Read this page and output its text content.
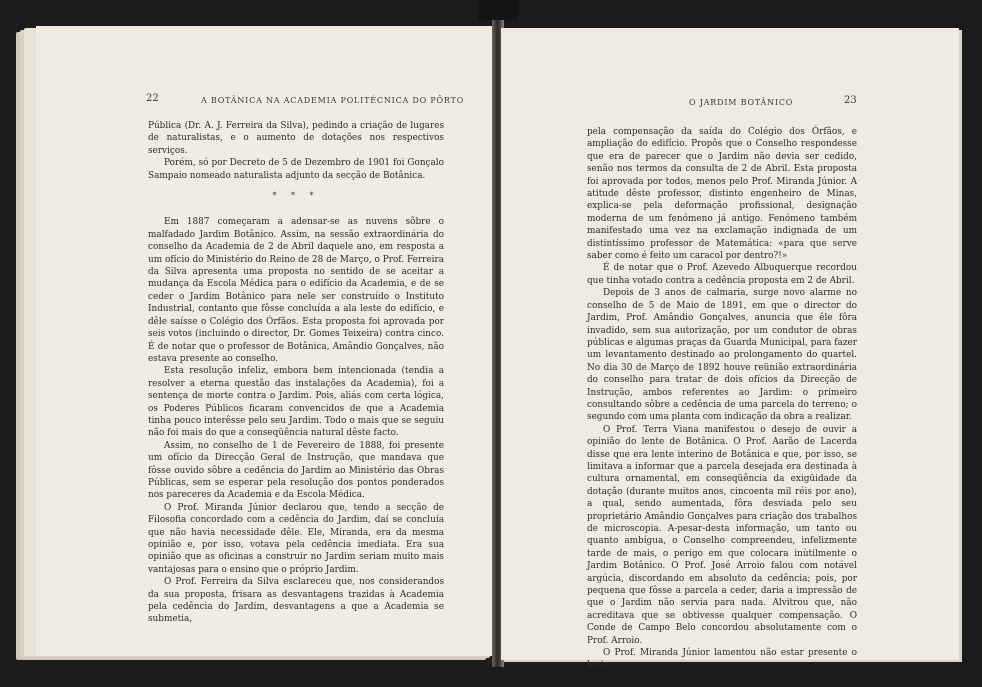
22	A BOTÂNICA NA ACADEMIA POLITÉCNICA DO PÔRTO

Pública (Dr. A. J. Ferreira da Silva), pedindo a criação de lugares de naturalistas, e o aumento de dotações nos respectivos serviços.

Porém, só por Decreto de 5 de Dezembro de 1901 foi Gonçalo Sampaio nomeado naturalista adjunto da secção de Botânica.

* * *

Em 1887 começaram a adensar-se as nuvens sôbre o malfadado Jardim Botânico. Assim, na sessão extraordinária do conselho da Academia de 2 de Abril daquele ano, em resposta a um ofício do Ministério do Reino de 28 de Março, o Prof. Ferreira da Silva apresenta uma proposta no sentido de se aceitar a mudança da Escola Médica para o edifício da Academia, e de se ceder o Jardim Botânico para nele ser construído o Instituto Industrial, contanto que fôsse concluída a ala leste do edifício, e dêle saísse o Colégio dos Órfãos. Esta proposta foi aprovada por seis votos (incluindo o director, Dr. Gomes Teixeira) contra cinco. É de notar que o professor de Botânica, Amândio Gonçalves, não estava presente ao conselho.

Esta resolução infeliz, embora bem intencionada (tendia a resolver a eterna questão das instalações da Academia), foi a sentença de morte contra o Jardim. Pois, aliás com certa lógica, os Poderes Públicos ficaram convencidos de que a Academia tinha pouco interêsse pelo seu Jardim. Todo o mais que se seguiu não foi mais do que a conseqüência natural dêste facto.

Assim, no conselho de 1 de Fevereiro de 1888, foi presente um ofício da Direcção Geral de Instrução, que mandava que fôsse ouvido sôbre a cedência do Jardim ao Ministério das Obras Públicas, sem se esperar pela resolução dos pontos ponderados nos pareceres da Academia e da Escola Médica.

O Prof. Miranda Júnior declarou que, tendo a secção de Filosofia concordado com a cedência do Jardim, daí se concluía que não havia necessidade dêle. Ele, Miranda, era da mesma opinião e, por isso, votava pela cedência imediata. Era sua opinião que as oficinas a construir no Jardim seriam muito mais vantajosas para o ensino que o próprio Jardim.

O Prof. Ferreira da Silva esclareceu que, nos considerandos da sua proposta, frisara as desvantagens trazidas à Academia pela cedência do Jardim, desvantagens a que a Academia se submetia,

O JARDIM BOTÂNICO	23

pela compensação da saída do Colégio dos Órfãos, e ampliação do edifício. Propôs que o Conselho respondesse que era de parecer que o Jardim não devia ser cedido, senão nos termos da consulta de 2 de Abril. Esta proposta foi aprovada por todos, menos pelo Prof. Miranda Júnior. A atitude dêste professor, distinto engenheiro de Minas, explica-se pela deformação profissional, designação moderna de um fenómeno já antigo. Fenómeno também manifestado uma vez na exclamação indignada de um distintíssimo professor de Matemática: «para que serve saber como é feito um caracol por dentro?!»

É de notar que o Prof. Azevedo Albuquerque recordou que tinha votado contra a cedência proposta em 2 de Abril.

Depois de 3 anos de calmaria, surge novo alarme no conselho de 5 de Maio de 1891, em que o director do Jardim, Prof. Amândio Gonçalves, anuncia que êle fôra invadido, sem sua autorização, por um condutor de obras públicas e algumas praças da Guarda Municipal, para fazer um levantamento destinado ao prolongamento do quartel. No dia 30 de Março de 1892 houve reünião extraordinária do conselho para tratar de dois ofícios da Direcção de Instrução, ambos referentes ao Jardim: o primeiro consultando sôbre a cedência de uma parcela do terreno; o segundo com uma planta com indicação da obra a realizar.

O Prof. Terra Viana manifestou o desejo de ouvir a opinião do lente de Botânica. O Prof. Aarão de Lacerda disse que era lente interino de Botânica e que, por isso, se limitava a informar que a parcela desejada era destinada à cultura ornamental, em conseqüência da exigüidade da dotação (durante muitos anos, cincoenta mil réis por ano), a qual, sendo aumentada, fôra desviada pelo seu proprietário Amândio Gonçalves para criação dos trabalhos de microscopia. A-pesar-desta informação, um tanto ou quanto ambígua, o Conselho compreendeu, infelizmente tarde de mais, o perigo em que colocara inùtilmente o Jardim Botânico. O Prof. José Arroio falou com notável argúcia, discordando em absoluto da cedência; pois, por pequena que fôsse a parcela a ceder, daria a impressão de que o Jardim não servia para nada. Alvitrou que, não acreditava que se obtivesse qualquer compensação. O Conde de Campo Belo concordou absolutamente com o Prof. Arroio.

O Prof. Miranda Júnior lamentou não estar presente o lente
